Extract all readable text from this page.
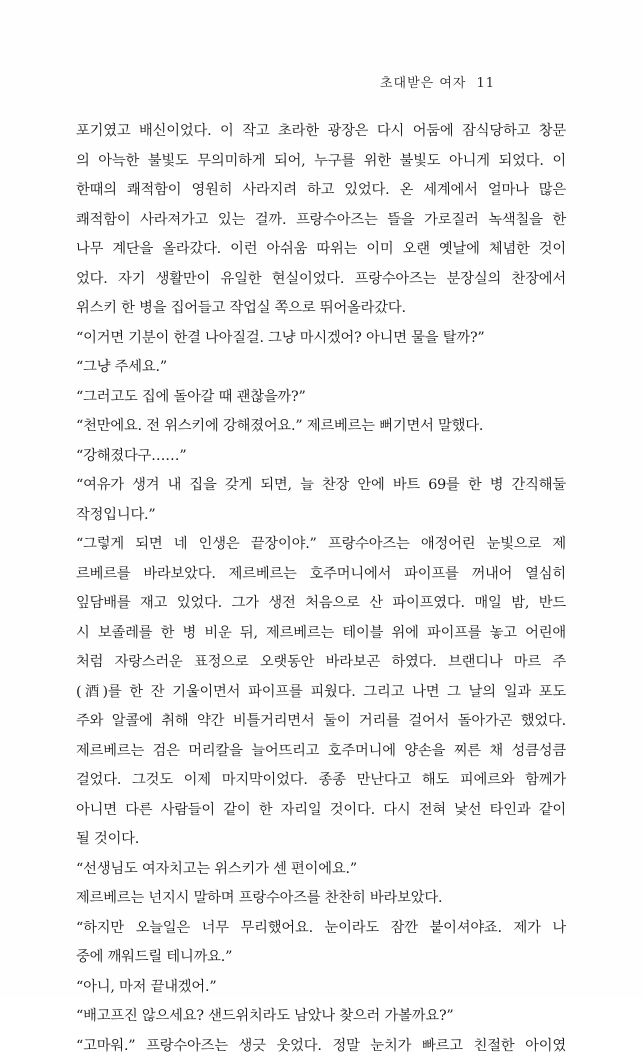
초대받은 여자 11
포기였고 배신이었다. 이 작고 초라한 광장은 다시 어둠에 잠식당하고 창문
의 아늑한 불빛도 무의미하게 되어, 누구를 위한 불빛도 아니게 되었다. 이
한때의 쾌적함이 영원히 사라지려 하고 있었다. 온 세계에서 얼마나 많은
쾌적함이 사라져가고 있는 걸까. 프랑수아즈는 뜰을 가로질러 녹색칠을 한
나무 계단을 올라갔다. 이런 아쉬움 따위는 이미 오랜 옛날에 체념한 것이
었다. 자기 생활만이 유일한 현실이었다. 프랑수아즈는 분장실의 찬장에서
위스키 한 병을 집어들고 작업실 쪽으로 뛰어올라갔다.
“이거면 기분이 한결 나아질걸. 그냥 마시겠어? 아니면 물을 탈까?”
“그냥 주세요.”
“그러고도 집에 돌아갈 때 괜찮을까?”
“천만에요. 전 위스키에 강해졌어요.” 제르베르는 뻐기면서 말했다.
“강해졌다구……”
“여유가 생겨 내 집을 갖게 되면, 늘 찬장 안에 바트 69를 한 병 간직해둘
작정입니다.”
“그렇게 되면 네 인생은 끝장이야.” 프랑수아즈는 애정어린 눈빛으로 제
르베르를 바라보았다. 제르베르는 호주머니에서 파이프를 꺼내어 열심히
잎담배를 재고 있었다. 그가 생전 처음으로 산 파이프였다. 매일 밤, 반드
시 보졸레를 한 병 비운 뒤, 제르베르는 테이블 위에 파이프를 놓고 어린애
처럼 자랑스러운 표정으로 오랫동안 바라보곤 하였다. 브랜디나 마르 주
(酒)를 한 잔 기울이면서 파이프를 피웠다. 그리고 나면 그 날의 일과 포도
주와 알콜에 취해 약간 비틀거리면서 둘이 거리를 걸어서 돌아가곤 했었다.
제르베르는 검은 머리칼을 늘어뜨리고 호주머니에 양손을 찌른 채 성큼성큼
걸었다. 그것도 이제 마지막이었다. 종종 만난다고 해도 피에르와 함께가
아니면 다른 사람들이 같이 한 자리일 것이다. 다시 전혀 낯선 타인과 같이
될 것이다.
“선생님도 여자치고는 위스키가 센 편이에요.”
제르베르는 넌지시 말하며 프랑수아즈를 찬찬히 바라보았다.
“하지만 오늘일은 너무 무리했어요. 눈이라도 잠깐 붙이셔야죠. 제가 나
중에 깨워드릴 테니까요.”
“아니, 마저 끝내겠어.”
“배고프진 않으세요? 샌드위치라도 남았나 찾으러 가볼까요?”
“고마워.” 프랑수아즈는 생긋 웃었다. 정말 눈치가 빠르고 친절한 아이였
